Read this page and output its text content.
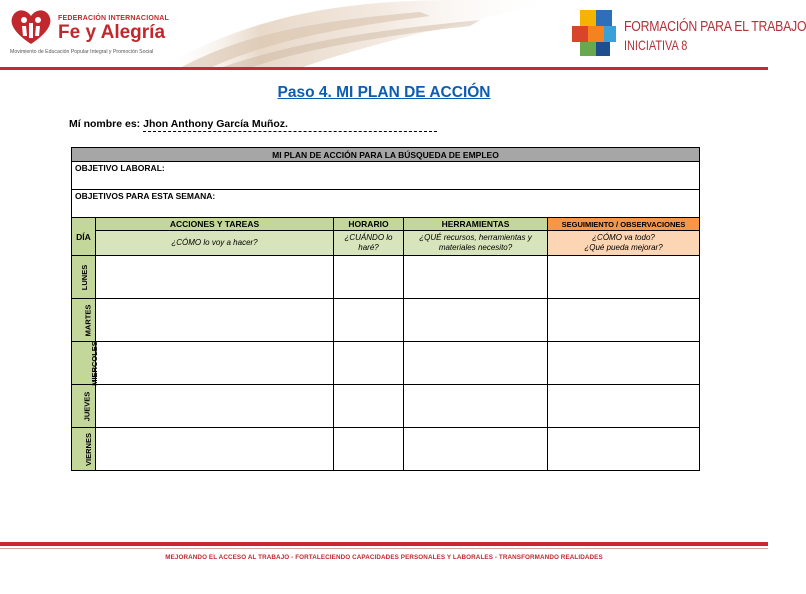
FEDERACIÓN INTERNACIONAL
Fe y Alegría
Movimiento de Educación Popular Integral y Promoción Social
FORMACIÓN PARA EL TRABAJO
INICIATIVA 8
Paso 4. MI PLAN DE ACCIÓN
Mí nombre es: Jhon Anthony García Muñoz.
MI PLAN DE ACCIÓN PARA LA BÚSQUEDA DE EMPLEO				
OBJETIVO LABORAL:				
OBJETIVOS PARA ESTA SEMANA:				
DÍA	ACCIONES Y TAREAS	HORARIO	HERRAMIENTAS	SEGUIMIENTO / OBSERVACIONES
	¿CÓMO lo voy a hacer?	¿CUÁNDO lo haré?	¿QUÉ recursos, herramientas y materiales necesito?	¿CÓMO va todo?
¿Qué pueda mejorar?

LUNES				
MARTES				
MIERCOLES				
JUEVES				
VIERNES				
MEJORANDO EL ACCESO AL TRABAJO - FORTALECIENDO CAPACIDADES PERSONALES Y LABORALES - TRANSFORMANDO REALIDADES
